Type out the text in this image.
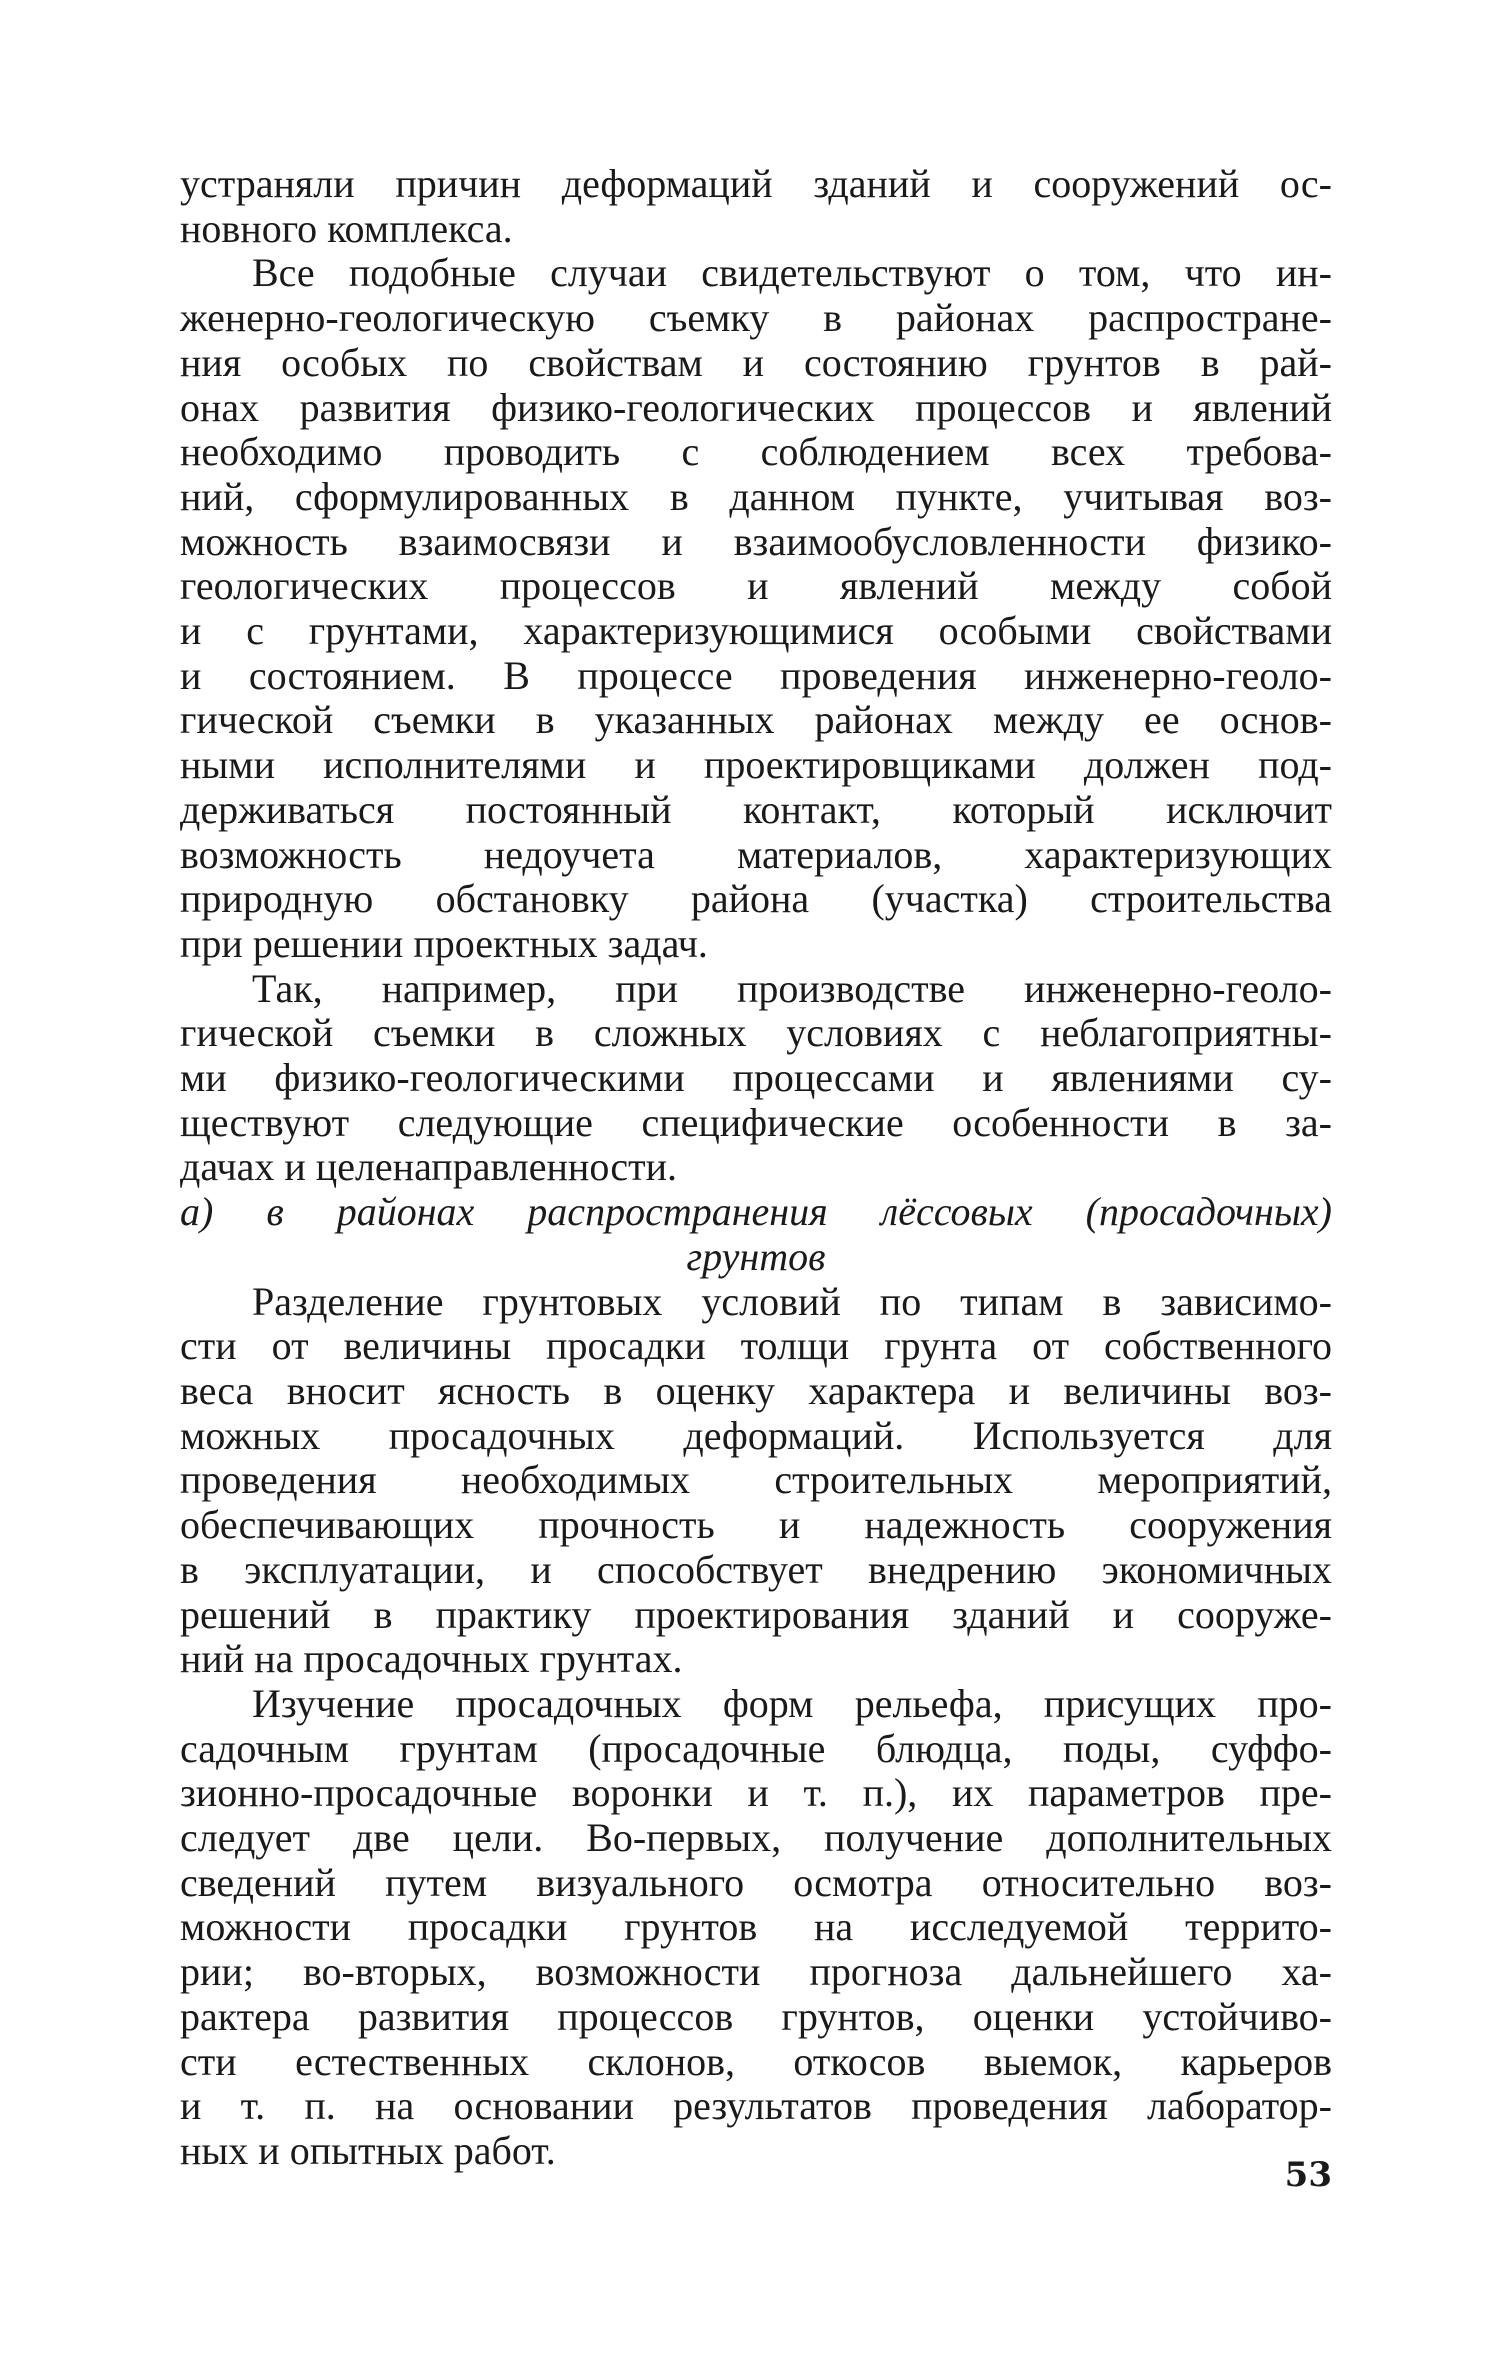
устраняли причин деформаций зданий и сооружений ос-
новного комплекса.
Все подобные случаи свидетельствуют о том, что ин-
женерно-геологическую съемку в районах распростране-
ния особых по свойствам и состоянию грунтов в рай-
онах развития физико-геологических процессов и явлений
необходимо проводить с соблюдением всех требова-
ний, сформулированных в данном пункте, учитывая воз-
можность взаимосвязи и взаимообусловленности физико-
геологических процессов и явлений между собой
и с грунтами, характеризующимися особыми свойствами
и состоянием. В процессе проведения инженерно-геоло-
гической съемки в указанных районах между ее основ-
ными исполнителями и проектировщиками должен под-
держиваться постоянный контакт, который исключит
возможность недоучета материалов, характеризующих
природную обстановку района (участка) строительства
при решении проектных задач.
Так, например, при производстве инженерно-геоло-
гической съемки в сложных условиях с неблагоприятны-
ми физико-геологическими процессами и явлениями су-
ществуют следующие специфические особенности в за-
дачах и целенаправленности.
а) в районах распространения лёссовых (просадочных)
грунтов
Разделение грунтовых условий по типам в зависимо-
сти от величины просадки толщи грунта от собственного
веса вносит ясность в оценку характера и величины воз-
можных просадочных деформаций. Используется для
проведения необходимых строительных мероприятий,
обеспечивающих прочность и надежность сооружения
в эксплуатации, и способствует внедрению экономичных
решений в практику проектирования зданий и сооруже-
ний на просадочных грунтах.
Изучение просадочных форм рельефа, присущих про-
садочным грунтам (просадочные блюдца, поды, суффо-
зионно-просадочные воронки и т. п.), их параметров пре-
следует две цели. Во-первых, получение дополнительных
сведений путем визуального осмотра относительно воз-
можности просадки грунтов на исследуемой террито-
рии; во-вторых, возможности прогноза дальнейшего ха-
рактера развития процессов грунтов, оценки устойчиво-
сти естественных склонов, откосов выемок, карьеров
и т. п. на основании результатов проведения лаборатор-
ных и опытных работ.
53
